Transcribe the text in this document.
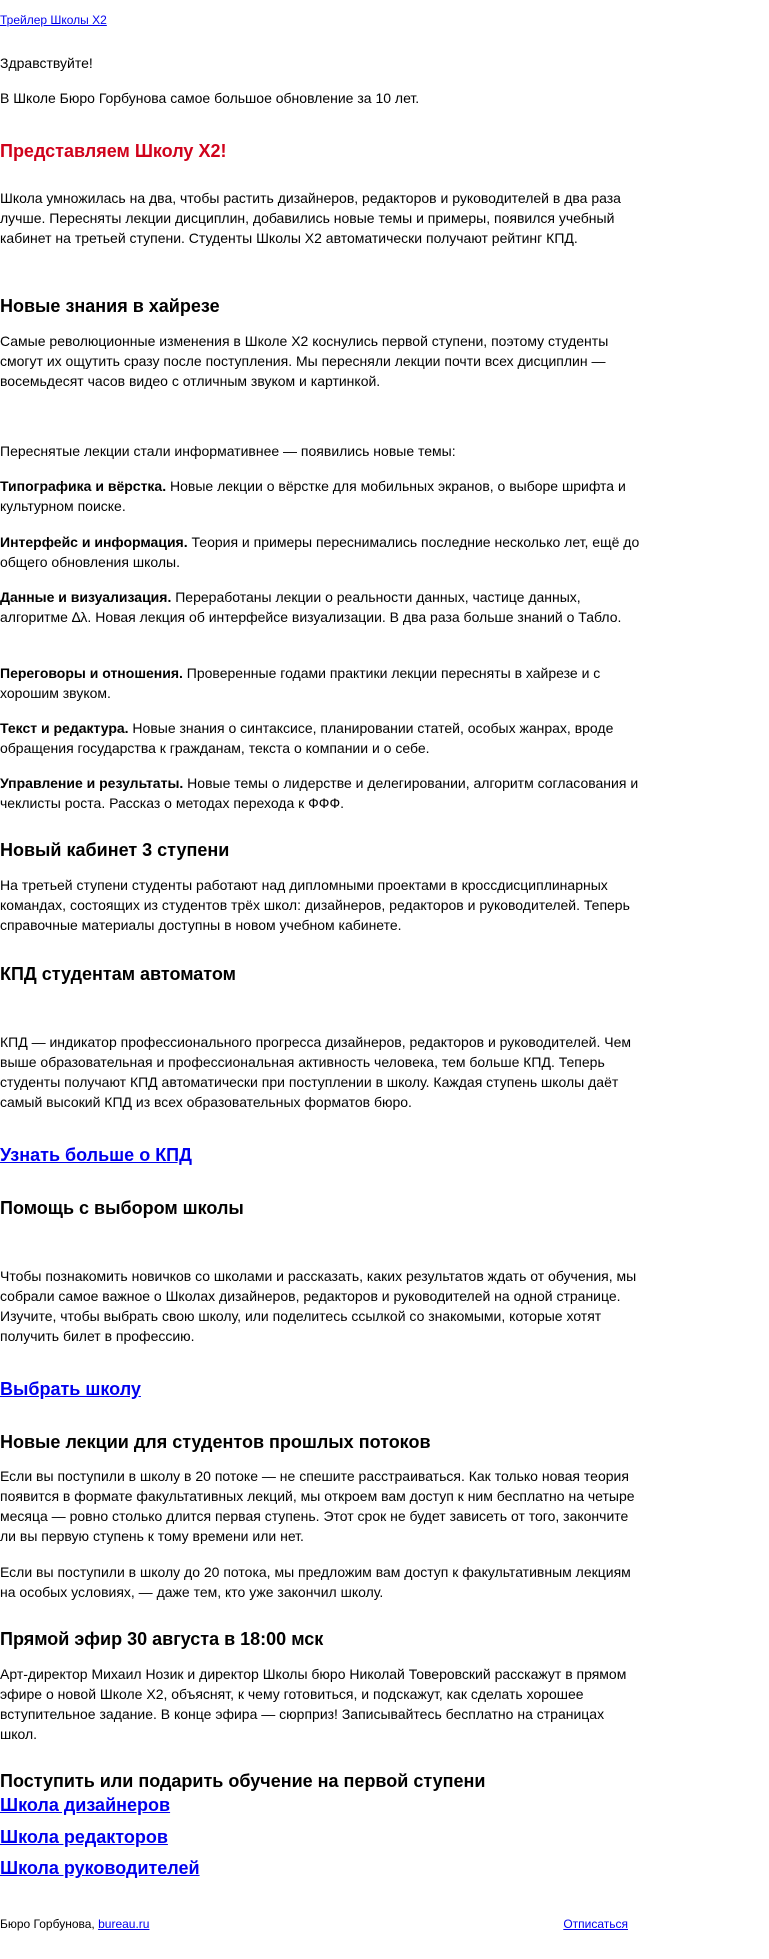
Трейлер Школы Х2

Здравствуйте!

В Школе Бюро Горбунова самое большое обновление за 10 лет.

Представляем Школу Х2!

Школа умножилась на два, чтобы растить дизайнеров, редакторов и руководителей в два раза лучше. Пересняты лекции дисциплин, добавились новые темы и примеры, появился учебный кабинет на третьей ступени. Студенты Школы Х2 автоматически получают рейтинг КПД.

Новые знания в хайрезе

Самые революционные изменения в Школе Х2 коснулись первой ступени, поэтому студенты смогут их ощутить сразу после поступления. Мы пересняли лекции почти всех дисциплин — восемьдесят часов видео с отличным звуком и картинкой.

Переснятые лекции стали информативнее — появились новые темы:

Типографика и вёрстка. Новые лекции о вёрстке для мобильных экранов, о выборе шрифта и культурном поиске.

Интерфейс и информация. Теория и примеры переснимались последние несколько лет, ещё до общего обновления школы.

Данные и визуализация. Переработаны лекции о реальности данных, частице данных, алгоритме ∆λ. Новая лекция об интерфейсе визуализации. В два раза больше знаний о Табло.

Переговоры и отношения. Проверенные годами практики лекции пересняты в хайрезе и с хорошим звуком.

Текст и редактура. Новые знания о синтаксисе, планировании статей, особых жанрах, вроде обращения государства к гражданам, текста о компании и о себе.

Управление и результаты. Новые темы о лидерстве и делегировании, алгоритм согласования и чеклисты роста. Рассказ о методах перехода к ФФФ.

Новый кабинет 3 ступени

На третьей ступени студенты работают над дипломными проектами в кроссдисциплинарных командах, состоящих из студентов трёх школ: дизайнеров, редакторов и руководителей. Теперь справочные материалы доступны в новом учебном кабинете.

КПД студентам автоматом

КПД — индикатор профессионального прогресса дизайнеров, редакторов и руководителей. Чем выше образовательная и профессиональная активность человека, тем больше КПД. Теперь студенты получают КПД автоматически при поступлении в школу. Каждая ступень школы даёт самый высокий КПД из всех образовательных форматов бюро.

Узнать больше о КПД
Помощь с выбором школы

Чтобы познакомить новичков со школами и рассказать, каких результатов ждать от обучения, мы собрали самое важное о Школах дизайнеров, редакторов и руководителей на одной странице. Изучите, чтобы выбрать свою школу, или поделитесь ссылкой со знакомыми, которые хотят получить билет в профессию.

Выбрать школу
Новые лекции для студентов прошлых потоков

Если вы поступили в школу в 20 потоке — не спешите расстраиваться. Как только новая теория появится в формате факультативных лекций, мы откроем вам доступ к ним бесплатно на четыре месяца — ровно столько длится первая ступень. Этот срок не будет зависеть от того, закончите ли вы первую ступень к тому времени или нет.

Если вы поступили в школу до 20 потока, мы предложим вам доступ к факультативным лекциям на особых условиях, — даже тем, кто уже закончил школу.

Прямой эфир 30 августа в 18:00 мск

Арт-директор Михаил Нозик и директор Школы бюро Николай Товеровский расскажут в прямом эфире о новой Школе Х2, объяснят, к чему готовиться, и подскажут, как сделать хорошее вступительное задание. В конце эфира — сюрприз! Записывайтесь бесплатно на страницах школ.

Поступить или подарить обучение на первой ступени
Школа дизайнеров
Школа редакторов
Школа руководителей

Бюро Горбунова, bureau.ru	Отписаться
